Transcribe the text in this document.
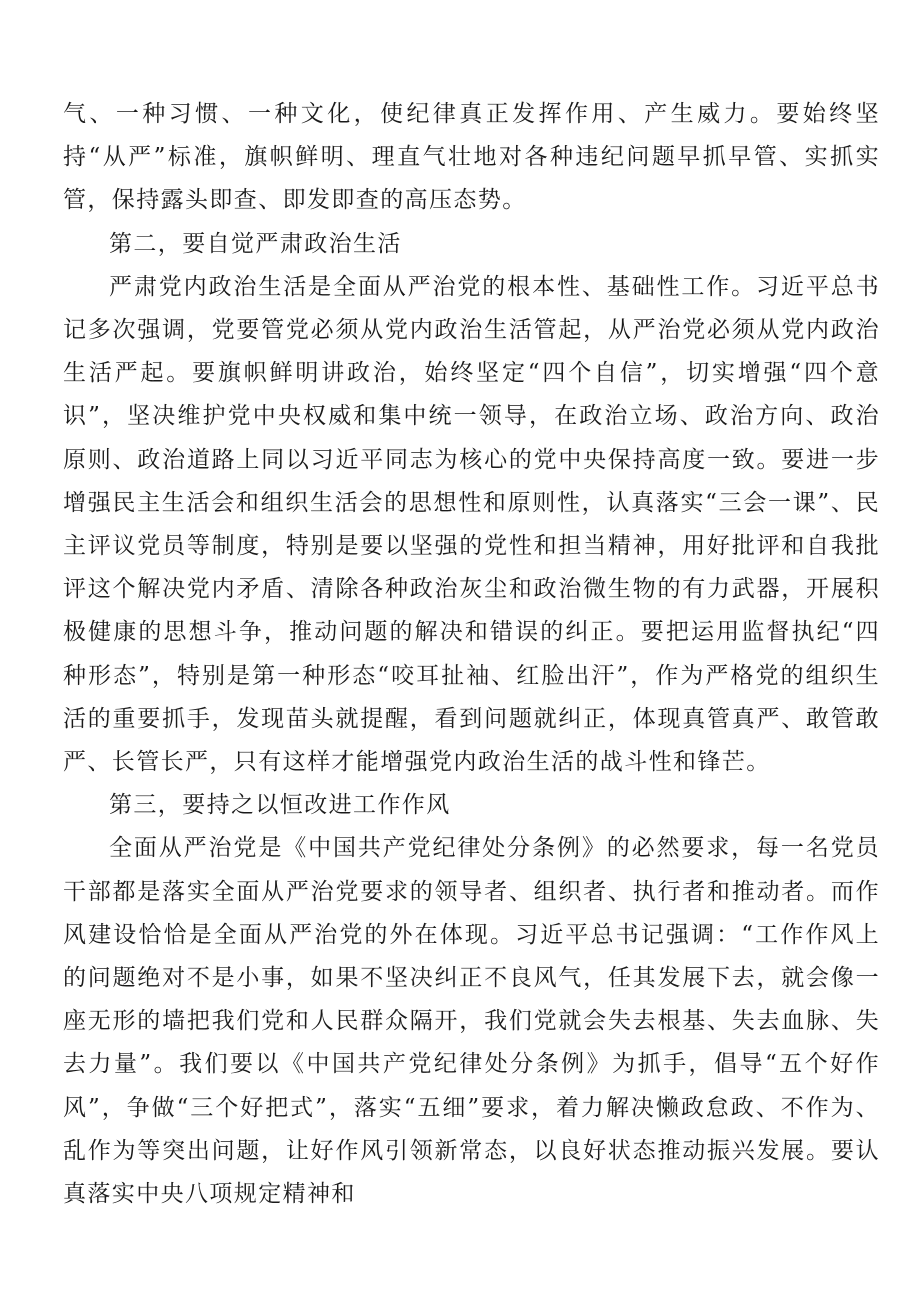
气、一种习惯、一种文化，使纪律真正发挥作用、产生威力。要始终坚持“从严”标准，旗帜鲜明、理直气壮地对各种违纪问题早抓早管、实抓实管，保持露头即查、即发即查的高压态势。

第二，要自觉严肃政治生活

严肃党内政治生活是全面从严治党的根本性、基础性工作。习近平总书记多次强调，党要管党必须从党内政治生活管起，从严治党必须从党内政治生活严起。要旗帜鲜明讲政治，始终坚定“四个自信”，切实增强“四个意识”，坚决维护党中央权威和集中统一领导，在政治立场、政治方向、政治原则、政治道路上同以习近平同志为核心的党中央保持高度一致。要进一步增强民主生活会和组织生活会的思想性和原则性，认真落实“三会一课”、民主评议党员等制度，特别是要以坚强的党性和担当精神，用好批评和自我批评这个解决党内矛盾、清除各种政治灰尘和政治微生物的有力武器，开展积极健康的思想斗争，推动问题的解决和错误的纠正。要把运用监督执纪“四种形态”，特别是第一种形态“咬耳扯袖、红脸出汗”，作为严格党的组织生活的重要抓手，发现苗头就提醒，看到问题就纠正，体现真管真严、敢管敢严、长管长严，只有这样才能增强党内政治生活的战斗性和锋芒。

第三，要持之以恒改进工作作风

全面从严治党是《中国共产党纪律处分条例》的必然要求，每一名党员干部都是落实全面从严治党要求的领导者、组织者、执行者和推动者。而作风建设恰恰是全面从严治党的外在体现。习近平总书记强调：“工作作风上的问题绝对不是小事，如果不坚决纠正不良风气，任其发展下去，就会像一座无形的墙把我们党和人民群众隔开，我们党就会失去根基、失去血脉、失去力量”。我们要以《中国共产党纪律处分条例》为抓手，倡导“五个好作风”，争做“三个好把式”，落实“五细”要求，着力解决懒政怠政、不作为、乱作为等突出问题，让好作风引领新常态，以良好状态推动振兴发展。要认真落实中央八项规定精神和
